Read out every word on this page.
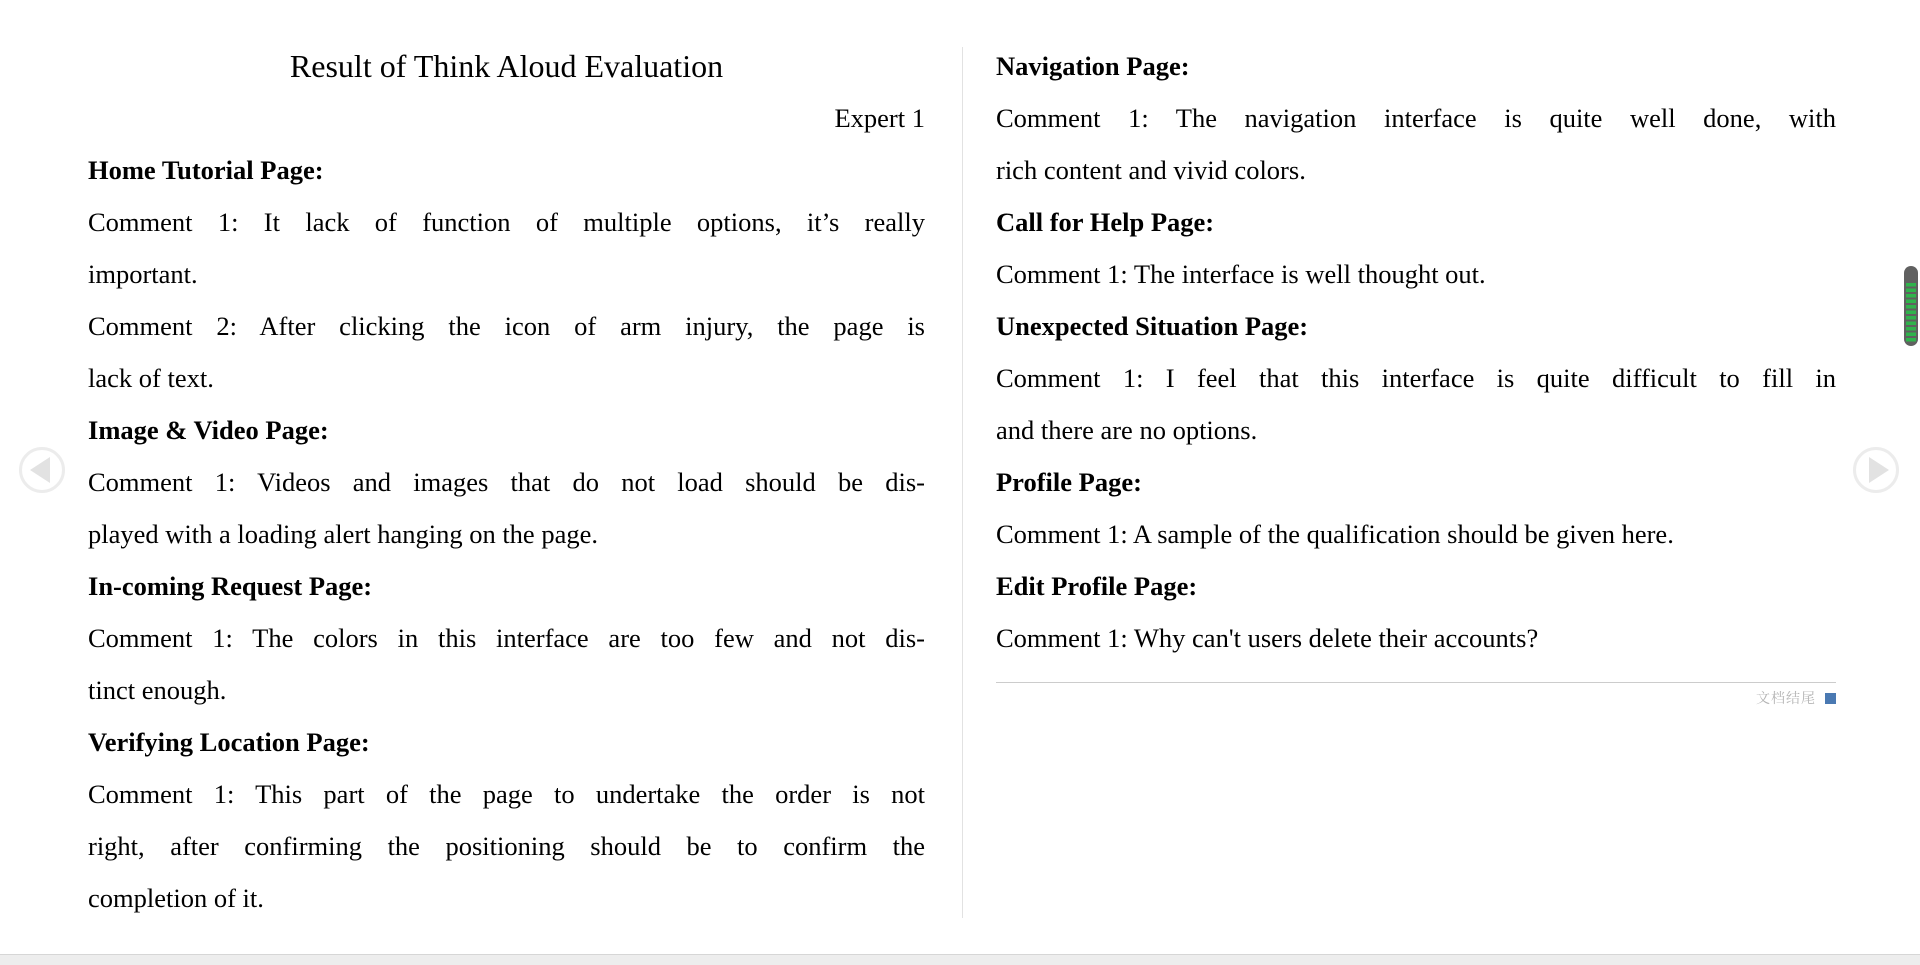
Result of Think Aloud Evaluation
Expert 1
Home Tutorial Page:
Comment 1: It lack of function of multiple options, it’s really
important.
Comment 2: After clicking the icon of arm injury, the page is
lack of text.
Image & Video Page:
Comment 1: Videos and images that do not load should be dis-
played with a loading alert hanging on the page.
In-coming Request Page:
Comment 1: The colors in this interface are too few and not dis-
tinct enough.
Verifying Location Page:
Comment 1: This part of the page to undertake the order is not
right, after confirming the positioning should be to confirm the
completion of it.
Navigation Page:
Comment 1: The navigation interface is quite well done, with
rich content and vivid colors.
Call for Help Page:
Comment 1: The interface is well thought out.
Unexpected Situation Page:
Comment 1: I feel that this interface is quite difficult to fill in
and there are no options.
Profile Page:
Comment 1: A sample of the qualification should be given here.
Edit Profile Page:
Comment 1: Why can't users delete their accounts?
文档结尾
